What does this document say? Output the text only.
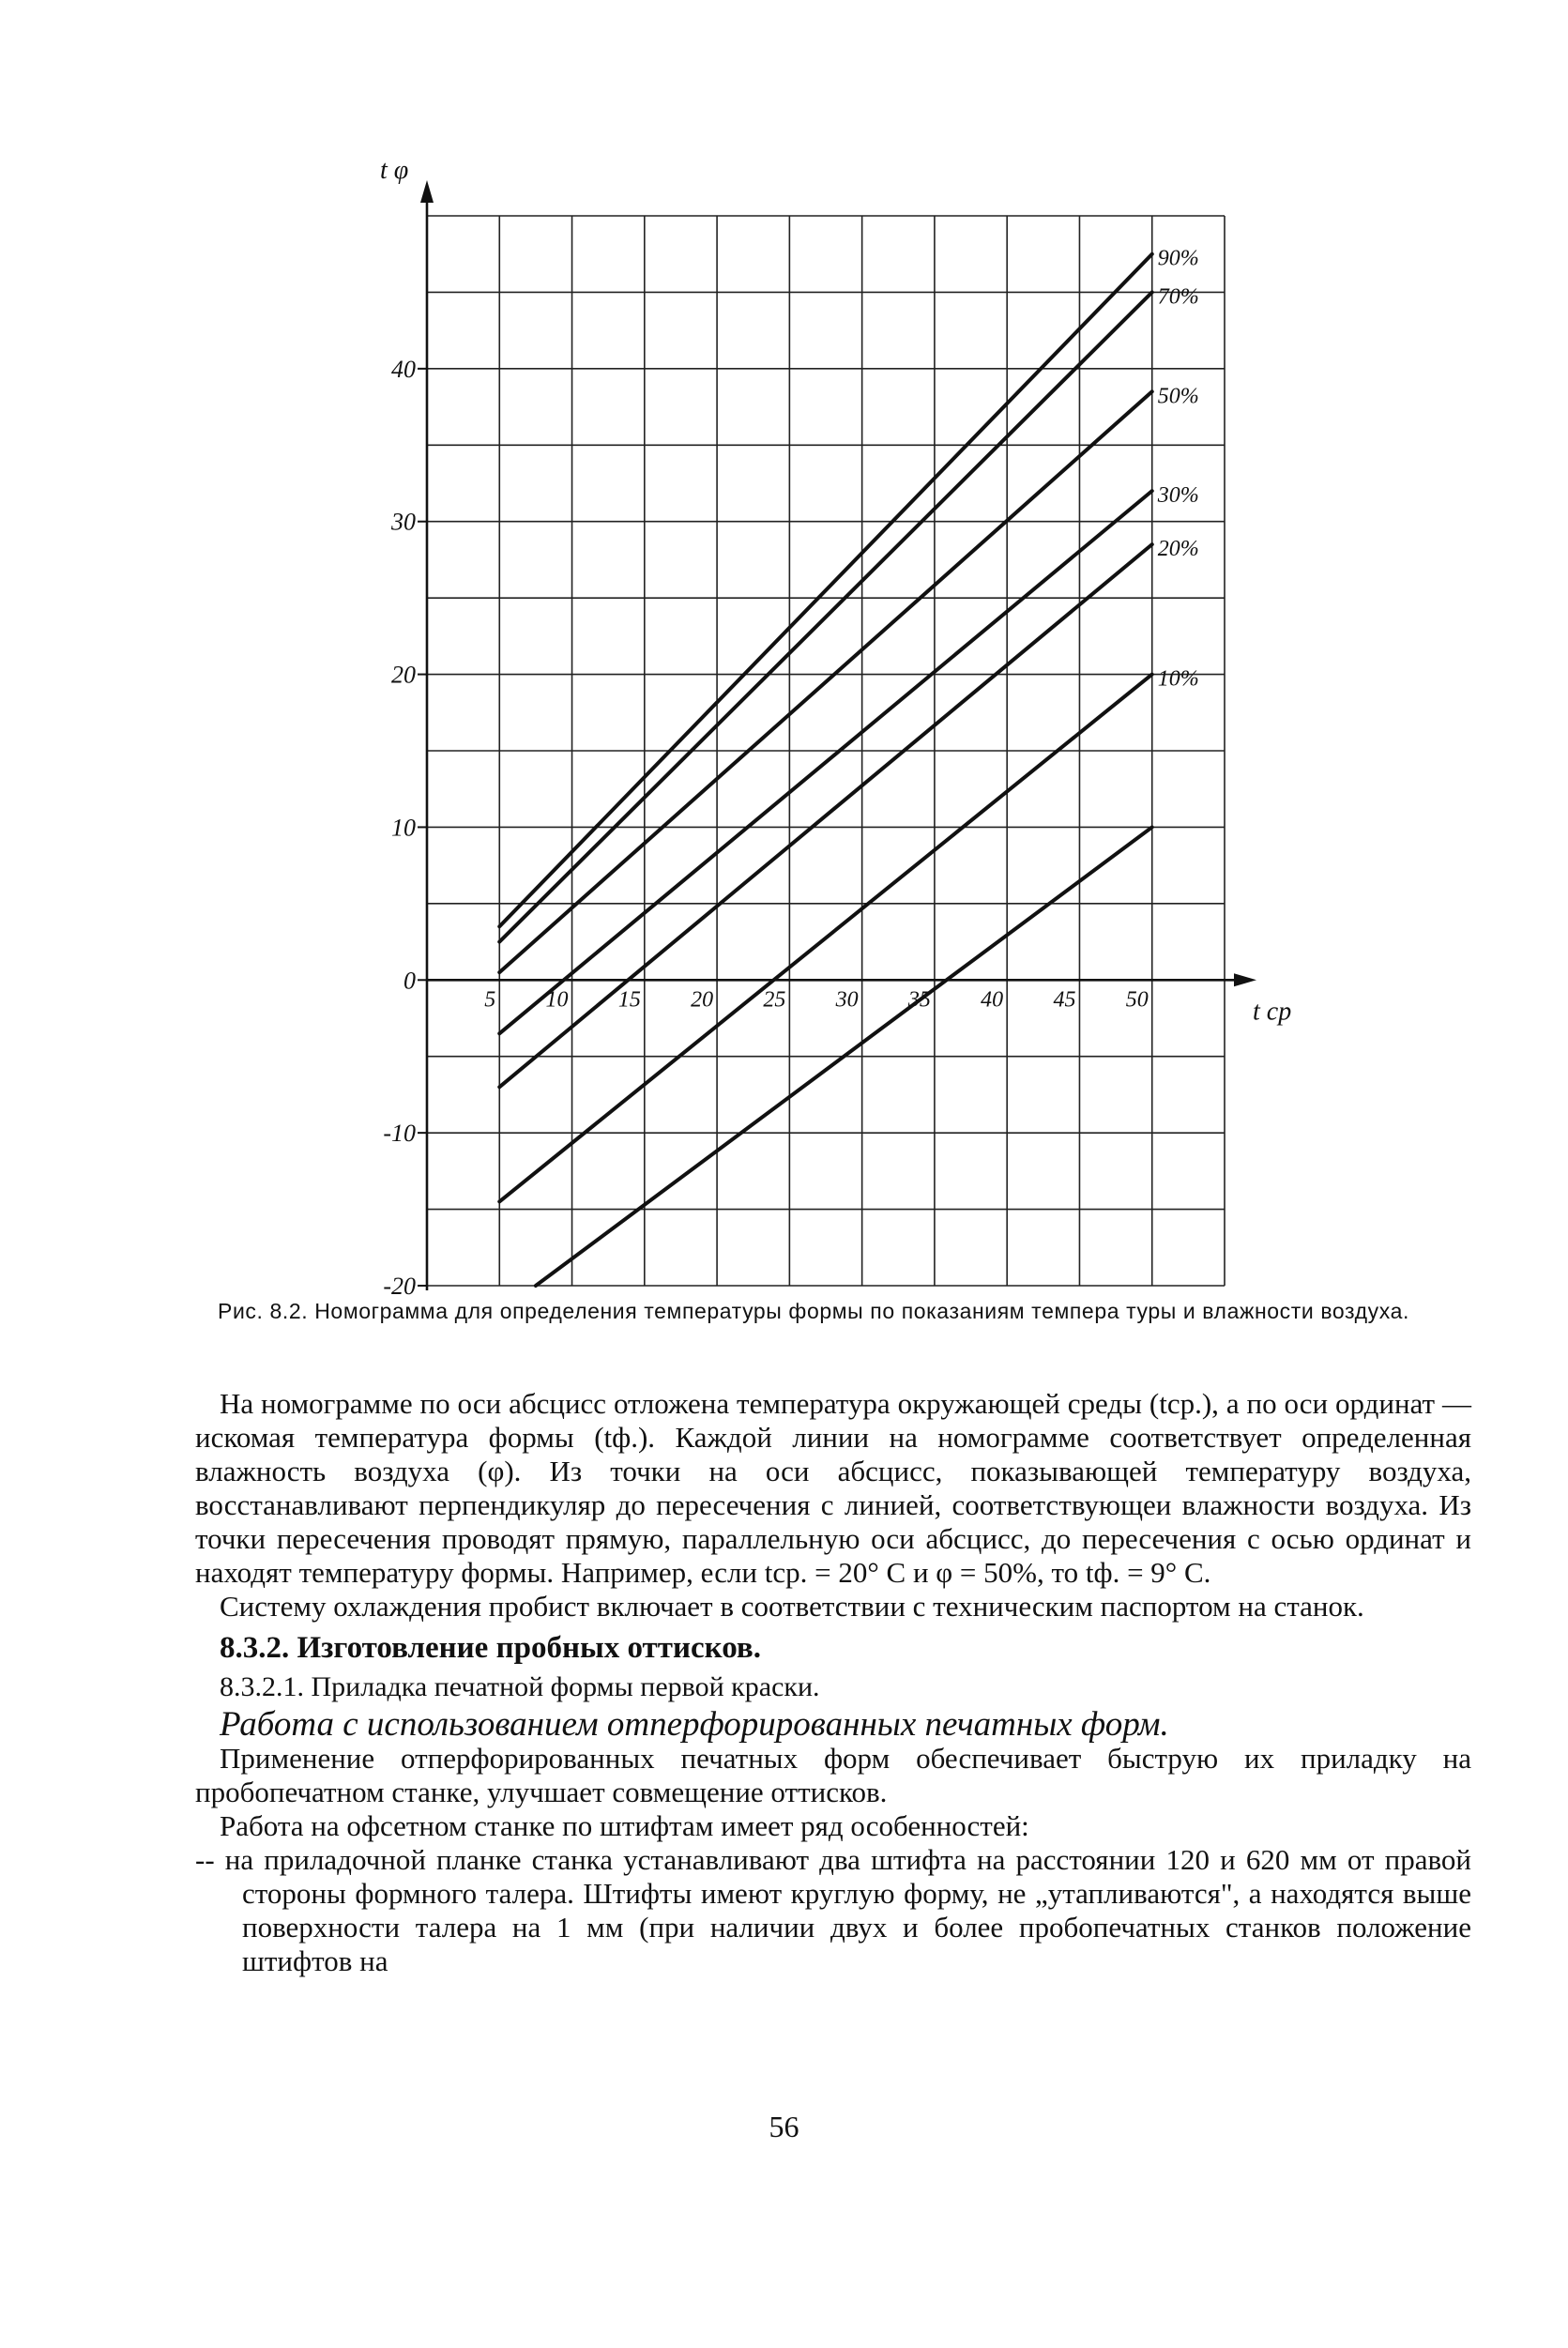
90%
70%
50%
30%
20%
10%
40
30
20
10
0
-10
-20
5 10 15 20 25 30 35 40 45 50
t φ
t ср
Рис. 8.2. Номограмма для определения температуры формы по показаниям темпера туры и влажности воздуха.

На номограмме по оси абсцисс отложена температура окружающей среды (tср.), а по оси ординат — искомая температура формы (tф.). Каждой линии на номограмме соответствует определенная влажность воздуха (φ). Из точки на оси абсцисс, показывающей температуру воздуха, восстанавливают перпендикуляр до пересечения с линией, соответствующеи влажности воздуха. Из точки пересечения проводят прямую, параллельную оси абсцисс, до пересечения с осью ординат и находят температуру формы. Например, если tср. = 20° С и φ = 50%, то tф. = 9° С.

Систему охлаждения пробист включает в соответствии с техническим паспортом на станок.

8.3.2. Изготовление пробных оттисков.

8.3.2.1. Приладка печатной формы первой краски.

Работа с использованием отперфорированных печатных форм.

Применение отперфорированных печатных форм обеспечивает быструю их приладку на пробопечатном станке, улучшает совмещение оттисков.

Работа на офсетном станке по штифтам имеет ряд особенностей:

-- на приладочной планке станка устанавливают два штифта на расстоянии 120 и 620 мм от правой стороны формного талера. Штифты имеют круглую форму, не „утапливаются", а находятся выше поверхности талера на 1 мм (при наличии двух и более пробопечатных станков положение штифтов на

56
